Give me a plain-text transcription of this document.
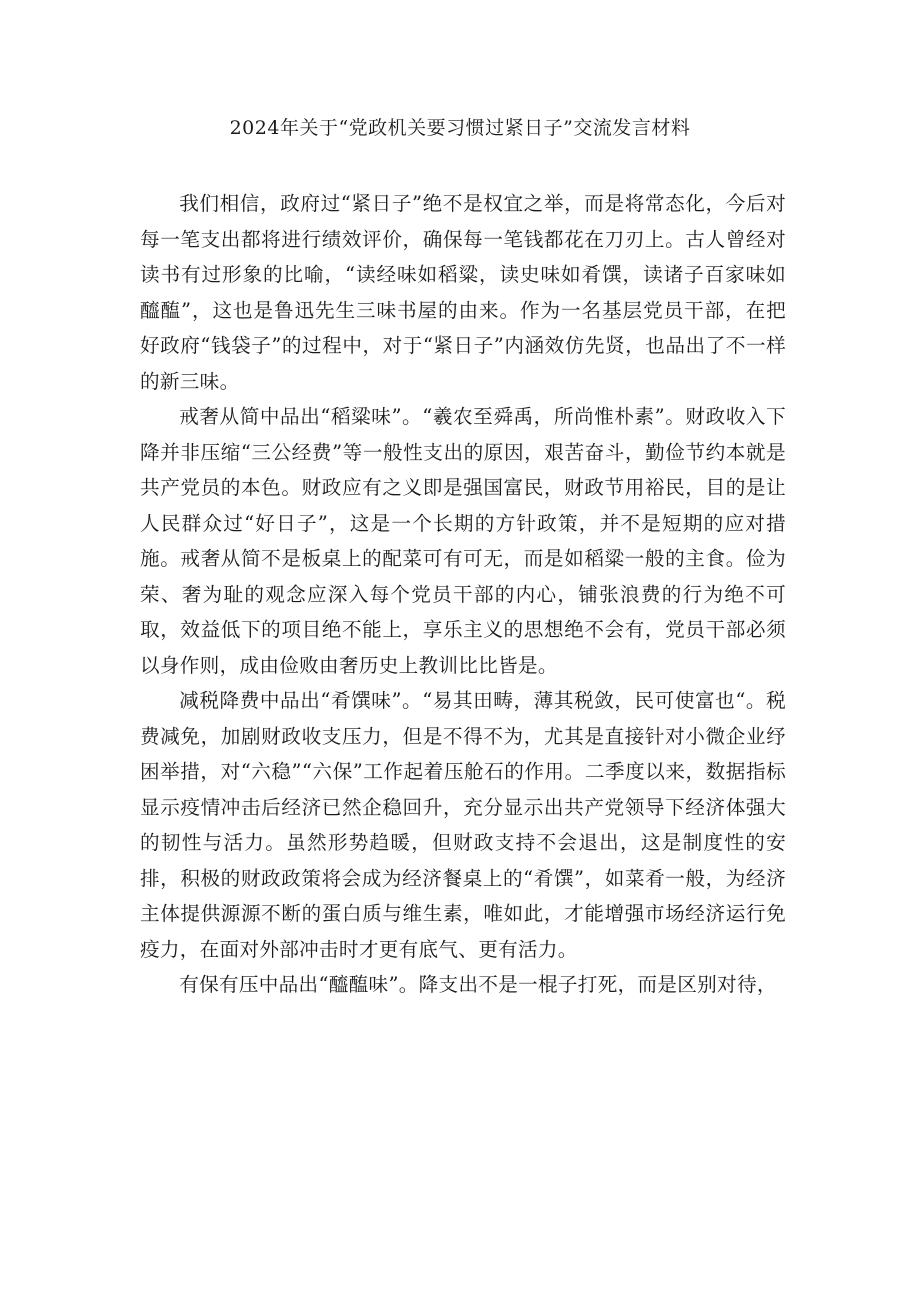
2024年关于“党政机关要习惯过紧日子”交流发言材料

我们相信，政府过“紧日子”绝不是权宜之举，而是将常态化，今后对每一笔支出都将进行绩效评价，确保每一笔钱都花在刀刃上。古人曾经对读书有过形象的比喻，“读经味如稻粱，读史味如肴馔，读诸子百家味如醯醢”，这也是鲁迅先生三味书屋的由来。作为一名基层党员干部，在把好政府“钱袋子”的过程中，对于“紧日子”内涵效仿先贤，也品出了不一样的新三味。

戒奢从简中品出“稻粱味”。“羲农至舜禹，所尚惟朴素”。财政收入下降并非压缩“三公经费”等一般性支出的原因，艰苦奋斗，勤俭节约本就是共产党员的本色。财政应有之义即是强国富民，财政节用裕民，目的是让人民群众过“好日子”，这是一个长期的方针政策，并不是短期的应对措施。戒奢从简不是板桌上的配菜可有可无，而是如稻粱一般的主食。俭为荣、奢为耻的观念应深入每个党员干部的内心，铺张浪费的行为绝不可取，效益低下的项目绝不能上，享乐主义的思想绝不会有，党员干部必须以身作则，成由俭败由奢历史上教训比比皆是。

减税降费中品出“肴馔味”。“易其田畴，薄其税敛，民可使富也“。税费减免，加剧财政收支压力，但是不得不为，尤其是直接针对小微企业纾困举措，对“六稳”“六保”工作起着压舱石的作用。二季度以来，数据指标显示疫情冲击后经济已然企稳回升，充分显示出共产党领导下经济体强大的韧性与活力。虽然形势趋暖，但财政支持不会退出，这是制度性的安排，积极的财政政策将会成为经济餐桌上的“肴馔”，如菜肴一般，为经济主体提供源源不断的蛋白质与维生素，唯如此，才能增强市场经济运行免疫力，在面对外部冲击时才更有底气、更有活力。

有保有压中品出“醯醢味”。降支出不是一棍子打死，而是区别对待，
